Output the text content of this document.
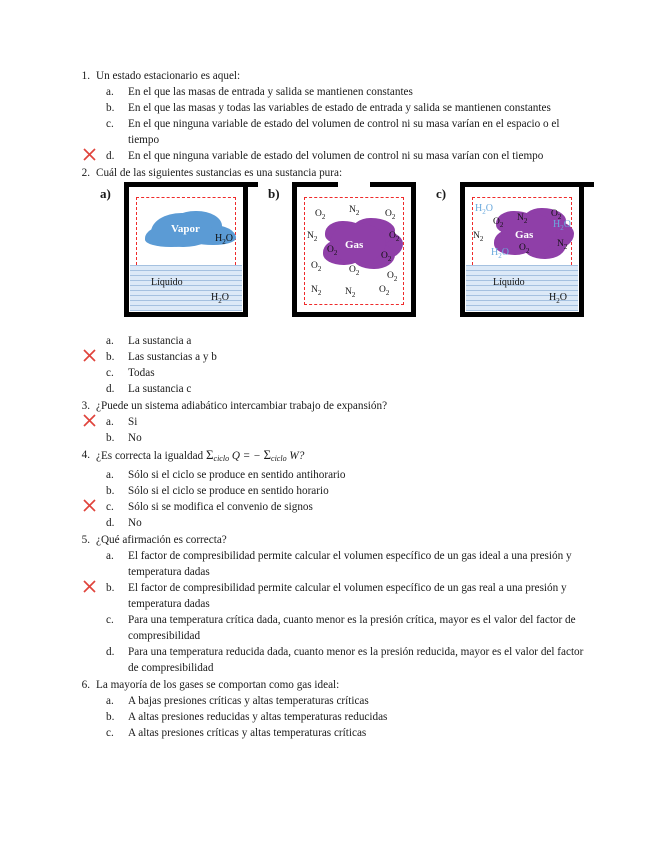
Un estado estacionario es aquel:

En el que las masas de entrada y salida se mantienen constantes
En el que las masas y todas las variables de estado de entrada y salida se mantienen constantes
En el que ninguna variable de estado del volumen de control ni su masa varían en el espacio o el tiempo
En el que ninguna variable de estado del volumen de control ni su masa varían con el tiempo

Cuál de las siguientes sustancias es una sustancia pura:

a)
Vapor
$H_2O$
Líquido
$H_2O$
b)
Gas
$O_2$
$N_2$	$O_2$
$N_2$	$O_2$
$O_2$	$O_2$
$O_2$	$O_2$	$O_2$
$N_2$ $N_2$ $O_2$
c)
Gas
$H_2O$
$H_2O$
$H_2O$
$O_2$
$N_2$
$O_2$
$N_2$
$O_2$
$N_2$
Líquido
$H_2O$
La sustancia a
Las sustancias a y b
Todas
La sustancia c

¿Puede un sistema adiabático intercambiar trabajo de expansión?

Si
No

¿Es correcta la igualdad Σciclo Q = − Σciclo W?

Sólo si el ciclo se produce en sentido antihorario
Sólo si el ciclo se produce en sentido horario
Sólo si se modifica el convenio de signos
No

¿Qué afirmación es correcta?

El factor de compresibilidad permite calcular el volumen específico de un gas ideal a una presión y temperatura dadas
El factor de compresibilidad permite calcular el volumen específico de un gas real a una presión y temperatura dadas
Para una temperatura crítica dada, cuanto menor es la presión crítica, mayor es el valor del factor de compresibilidad
Para una temperatura reducida dada, cuanto menor es la presión reducida, mayor es el valor del factor de compresibilidad

La mayoría de los gases se comportan como gas ideal:

A bajas presiones críticas y altas temperaturas críticas
A altas presiones reducidas y altas temperaturas reducidas
A altas presiones críticas y altas temperaturas críticas
